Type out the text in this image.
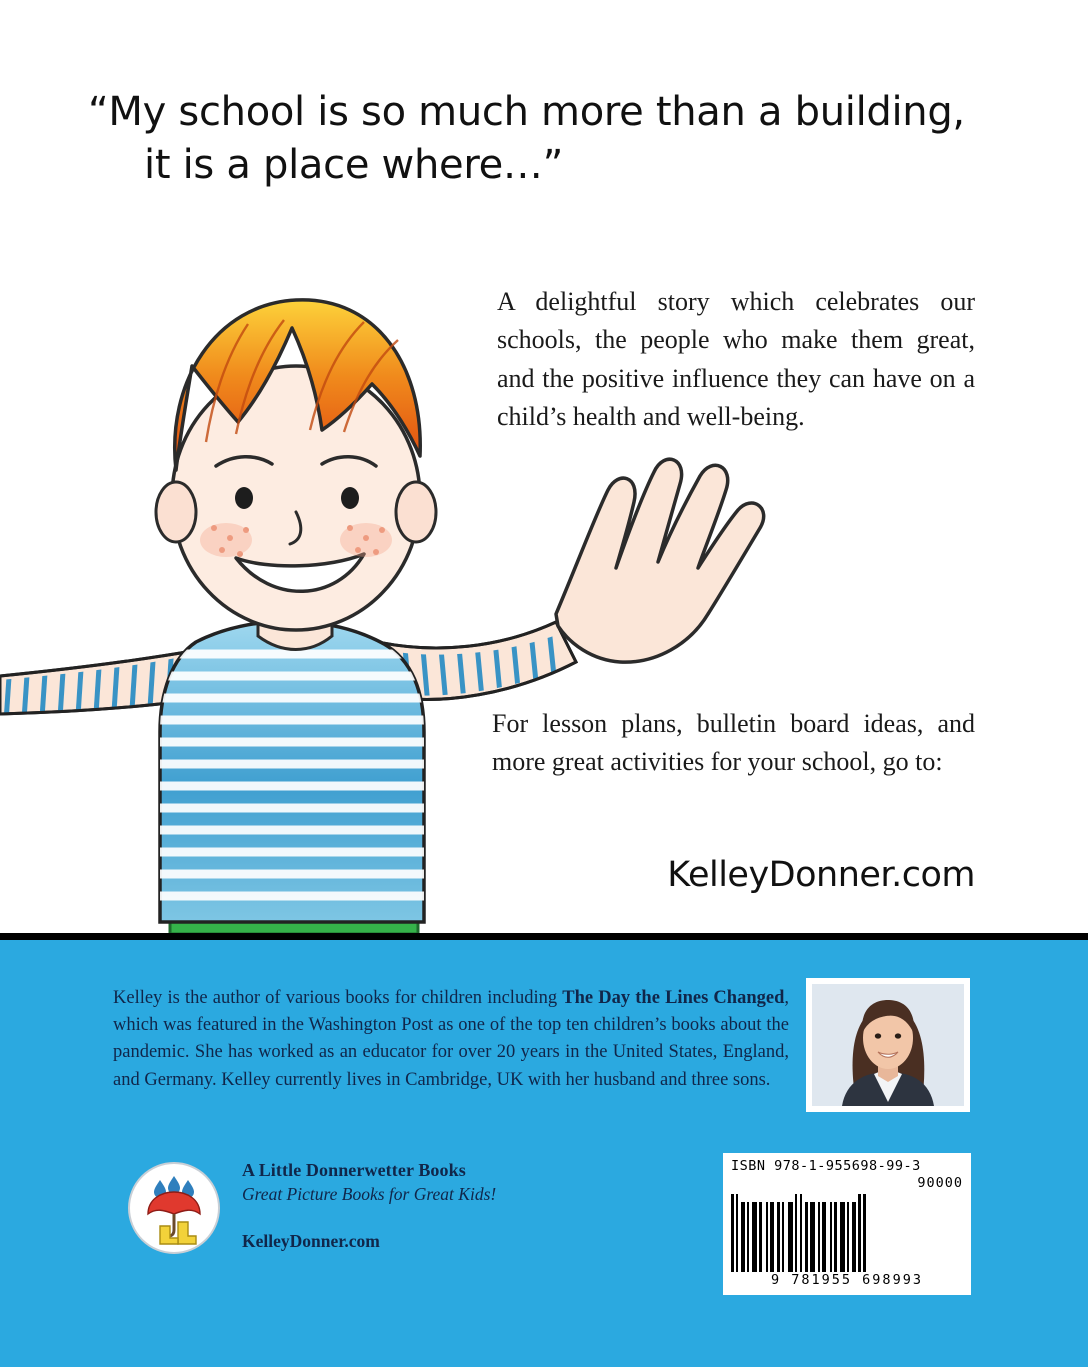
“My school is so much more than a building,
it is a place where…”
A delightful story which celebrates our schools, the people who make them great, and the positive influence they can have on a child’s health and well-being.
For lesson plans, bulletin board ideas, and more great activities for your school, go to:
KelleyDonner.com
Kelley is the author of various books for children including The Day the Lines Changed, which was featured in the Washington Post as one of the top ten children’s books about the pandemic. She has worked as an educator for over 20 years in the United States, England, and Germany. Kelley currently lives in Cambridge, UK with her husband and three sons.
A Little Donnerwetter Books
Great Picture Books for Great Kids!
KelleyDonner.com
ISBN 978-1-955698-99-3
90000
9 781955 698993
